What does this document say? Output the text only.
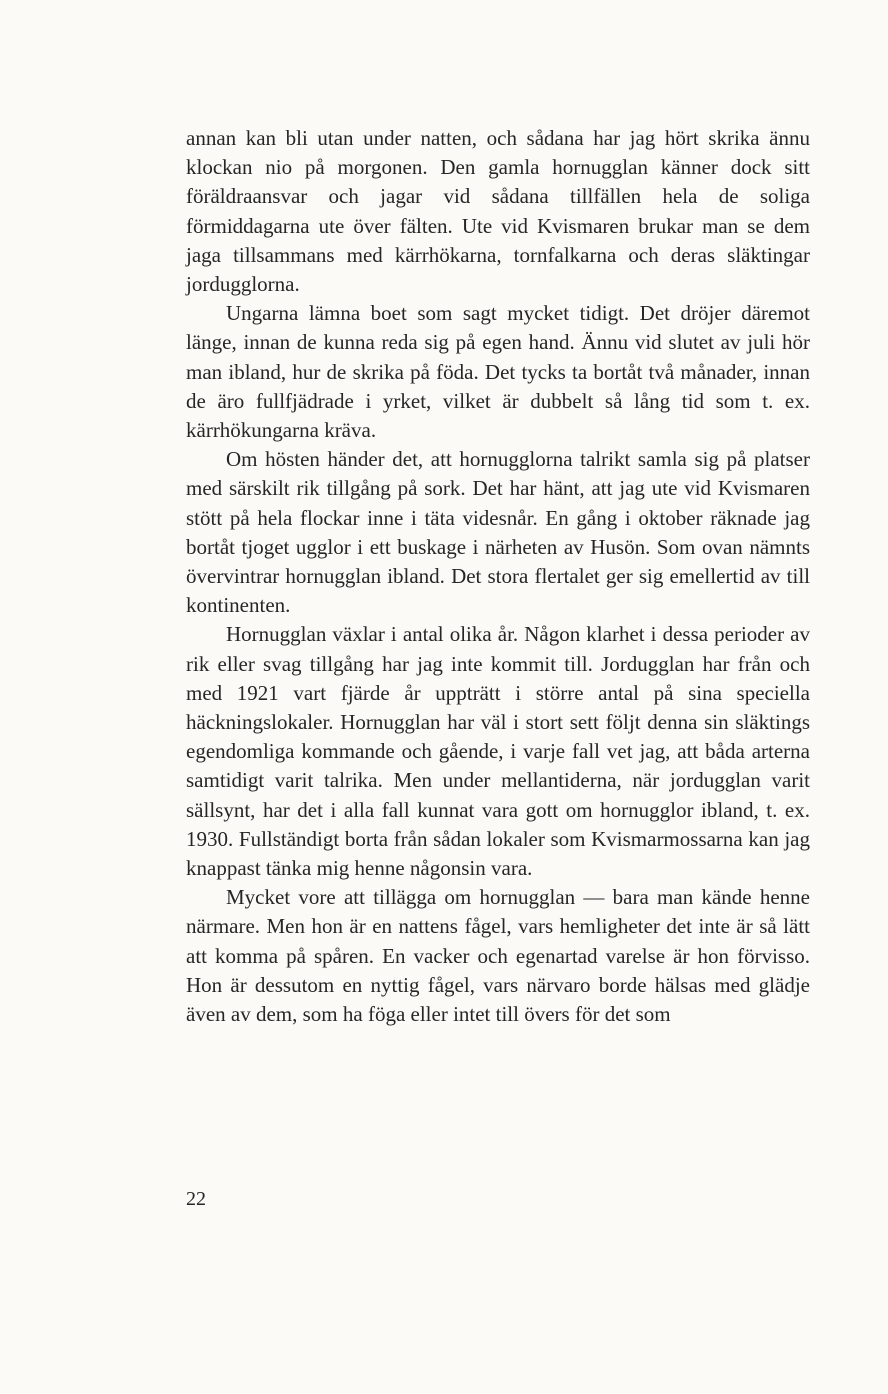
annan kan bli utan under natten, och sådana har jag hört skrika ännu klockan nio på morgonen. Den gamla hornugglan känner dock sitt föräldraansvar och jagar vid sådana tillfällen hela de soliga förmiddagarna ute över fälten. Ute vid Kvismaren brukar man se dem jaga tillsammans med kärrhökarna, tornfalkarna och deras släktingar jordugglorna.

Ungarna lämna boet som sagt mycket tidigt. Det dröjer däremot länge, innan de kunna reda sig på egen hand. Ännu vid slutet av juli hör man ibland, hur de skrika på föda. Det tycks ta bortåt två månader, innan de äro fullfjädrade i yrket, vilket är dubbelt så lång tid som t. ex. kärrhökungarna kräva.

Om hösten händer det, att hornugglorna talrikt samla sig på platser med särskilt rik tillgång på sork. Det har hänt, att jag ute vid Kvismaren stött på hela flockar inne i täta videsnår. En gång i oktober räknade jag bortåt tjoget ugglor i ett buskage i närheten av Husön. Som ovan nämnts övervintrar hornugglan ibland. Det stora flertalet ger sig emellertid av till kontinenten.

Hornugglan växlar i antal olika år. Någon klarhet i dessa perioder av rik eller svag tillgång har jag inte kommit till. Jordugglan har från och med 1921 vart fjärde år uppträtt i större antal på sina speciella häckningslokaler. Hornugglan har väl i stort sett följt denna sin släktings egendomliga kommande och gående, i varje fall vet jag, att båda arterna samtidigt varit talrika. Men under mellantiderna, när jordugglan varit sällsynt, har det i alla fall kunnat vara gott om hornugglor ibland, t. ex. 1930. Fullständigt borta från sådan lokaler som Kvismarmossarna kan jag knappast tänka mig henne någonsin vara.

Mycket vore att tillägga om hornugglan — bara man kände henne närmare. Men hon är en nattens fågel, vars hemligheter det inte är så lätt att komma på spåren. En vacker och egenartad varelse är hon förvisso. Hon är dessutom en nyttig fågel, vars närvaro borde hälsas med glädje även av dem, som ha föga eller intet till övers för det som

22
